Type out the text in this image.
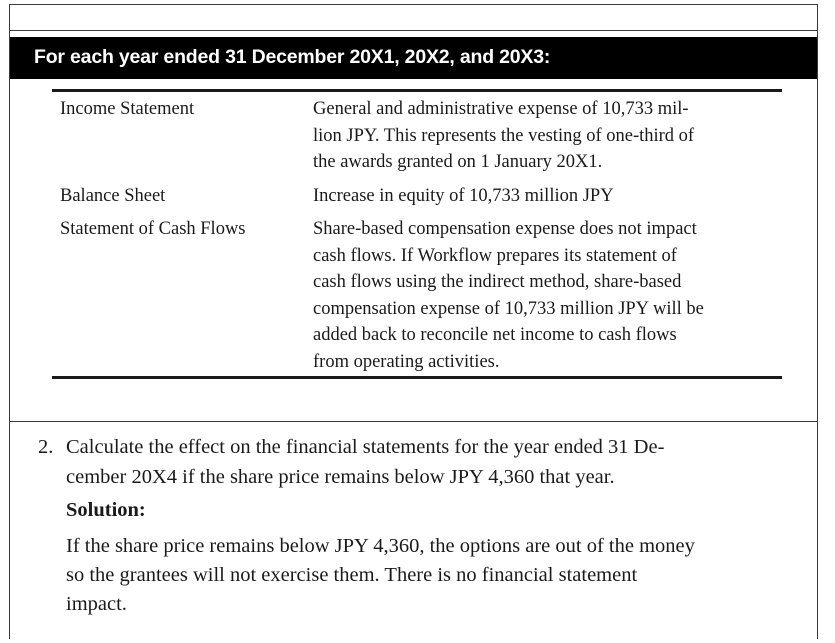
For each year ended 31 December 20X1, 20X2, and 20X3:
Income Statement	General and administrative expense of 10,733 mil-
lion JPY. This represents the vesting of one-third of
the awards granted on 1 January 20X1.
Balance Sheet	Increase in equity of 10,733 million JPY
Statement of Cash Flows	Share-based compensation expense does not impact
cash flows. If Workflow prepares its statement of
cash flows using the indirect method, share-based
compensation expense of 10,733 million JPY will be
added back to reconcile net income to cash flows
from operating activities.
2. Calculate the effect on the financial statements for the year ended 31 De-
cember 20X4 if the share price remains below JPY 4,360 that year.
Solution:
If the share price remains below JPY 4,360, the options are out of the money
so the grantees will not exercise them. There is no financial statement
impact.
